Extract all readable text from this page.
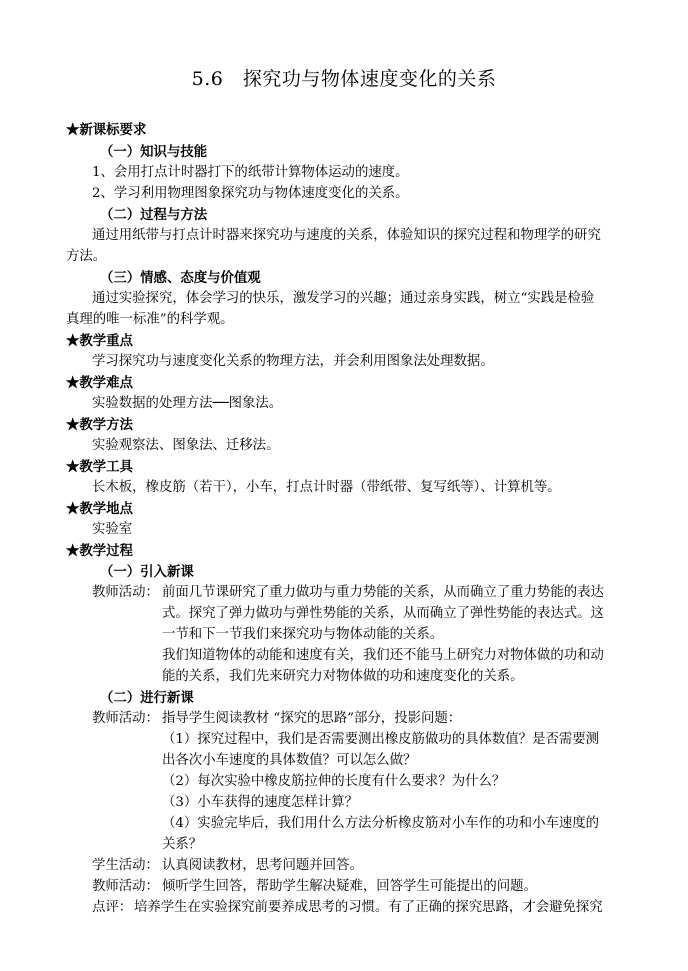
5.6　探究功与物体速度变化的关系
★新课标要求
（一）知识与技能
1、会用打点计时器打下的纸带计算物体运动的速度。
2、学习利用物理图象探究功与物体速度变化的关系。
（二）过程与方法
通过用纸带与打点计时器来探究功与速度的关系，体验知识的探究过程和物理学的研究
方法。
（三）情感、态度与价值观
通过实验探究，体会学习的快乐，激发学习的兴趣；通过亲身实践，树立“实践是检验
真理的唯一标准”的科学观。
★教学重点
学习探究功与速度变化关系的物理方法，并会利用图象法处理数据。
★教学难点
实验数据的处理方法──图象法。
★教学方法
实验观察法、图象法、迁移法。
★教学工具
长木板，橡皮筋（若干），小车，打点计时器（带纸带、复写纸等）、计算机等。
★教学地点
实验室
★教学过程
（一）引入新课
教师活动： 前面几节课研究了重力做功与重力势能的关系，从而确立了重力势能的表达
式。探究了弹力做功与弹性势能的关系，从而确立了弹性势能的表达式。这
一节和下一节我们来探究功与物体动能的关系。
我们知道物体的动能和速度有关，我们还不能马上研究力对物体做的功和动
能的关系，我们先来研究力对物体做的功和速度变化的关系。
（二）进行新课
教师活动： 指导学生阅读教材 “探究的思路”部分，投影问题：
（1）探究过程中，我们是否需要测出橡皮筋做功的具体数值？是否需要测
出各次小车速度的具体数值？可以怎么做？
（2）每次实验中橡皮筋拉伸的长度有什么要求？为什么？
（3）小车获得的速度怎样计算？
（4）实验完毕后，我们用什么方法分析橡皮筋对小车作的功和小车速度的
关系？
学生活动： 认真阅读教材，思考问题并回答。
教师活动： 倾听学生回答，帮助学生解决疑难，回答学生可能提出的问题。
点评： 培养学生在实验探究前要养成思考的习惯。有了正确的探究思路，才会避免探究
